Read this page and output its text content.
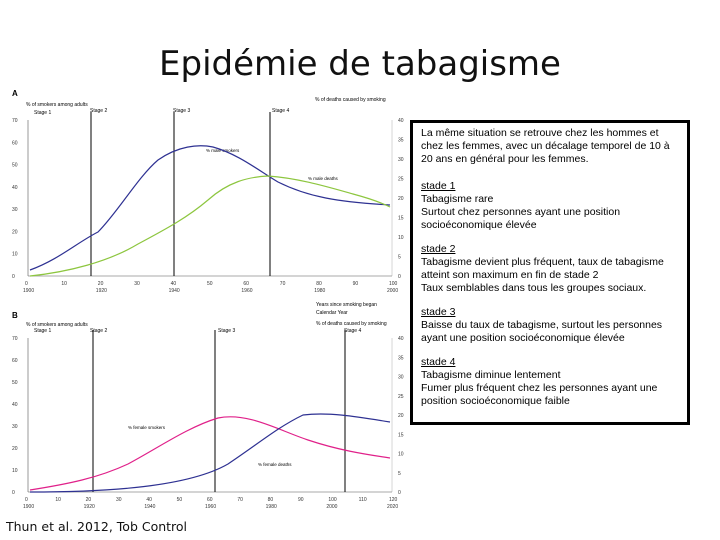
Epidémie de tabagisme
A
% of smokers among adults
% of deaths caused by smoking
Stage 1	Stage 2	Stage 3	Stage 4
% male smokers
% male deaths
Years since smoking began
Calendar Year
B
% of smokers among adults	% of deaths caused by smoking
Stage 1	Stage 2	Stage 3	Stage 4
% female smokers
% female deaths
70
60
50
40
30
20
10
0
40
35
30
25
20
15
10
5
0
0	10	20	30	40	50	60	70	80	90	100
1900	1920	1940	1960	1980	2000
70
60
50
40
30
20
10
0
40
35
30
25
20
15
10
5
0
0	10	20	30	40	50	60	70	80	90	100	110	120
1900	1920	1940	1960	1980	2000	2020
Thun et al. 2012, Tob Control

La même situation se retrouve chez les hommes et chez les femmes, avec un décalage temporel de 10 à 20 ans en général pour les femmes.

stade 1
Tabagisme rare
Surtout chez personnes ayant une position socioéconomique élevée
stade 2
Tabagisme devient plus fréquent, taux de tabagisme atteint son maximum en fin de stade 2
Taux semblables dans tous les groupes sociaux.
stade 3
Baisse du taux de tabagisme, surtout les personnes ayant une position socioéconomique élevée
stade 4
Tabagisme diminue lentement
Fumer plus fréquent chez les personnes ayant une position socioéconomique faible
